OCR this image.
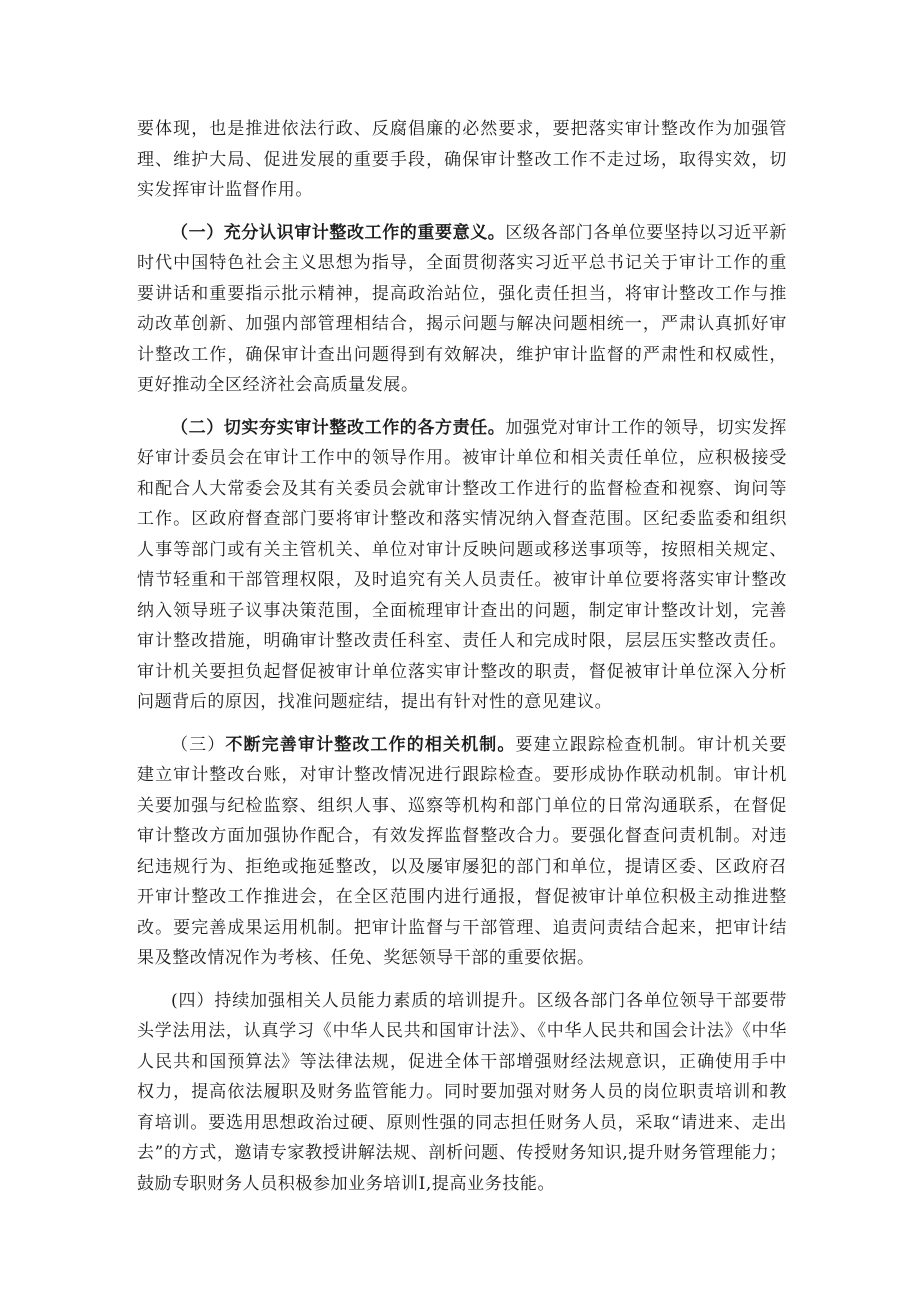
要体现，也是推进依法行政、反腐倡廉的必然要求，要把落实审计整改作为加强管理、维护大局、促进发展的重要手段，确保审计整改工作不走过场，取得实效，切实发挥审计监督作用。

（一）充分认识审计整改工作的重要意义。区级各部门各单位要坚持以习近平新时代中国特色社会主义思想为指导，全面贯彻落实习近平总书记关于审计工作的重要讲话和重要指示批示精神，提高政治站位，强化责任担当，将审计整改工作与推动改革创新、加强内部管理相结合，揭示问题与解决问题相统一，严肃认真抓好审计整改工作，确保审计查出问题得到有效解决，维护审计监督的严肃性和权威性，更好推动全区经济社会高质量发展。

（二）切实夯实审计整改工作的各方责任。加强党对审计工作的领导，切实发挥好审计委员会在审计工作中的领导作用。被审计单位和相关责任单位，应积极接受和配合人大常委会及其有关委员会就审计整改工作进行的监督检查和视察、询问等工作。区政府督查部门要将审计整改和落实情况纳入督查范围。区纪委监委和组织人事等部门或有关主管机关、单位对审计反映问题或移送事项等，按照相关规定、情节轻重和干部管理权限，及时追究有关人员责任。被审计单位要将落实审计整改纳入领导班子议事决策范围，全面梳理审计查出的问题，制定审计整改计划，完善审计整改措施，明确审计整改责任科室、责任人和完成时限，层层压实整改责任。审计机关要担负起督促被审计单位落实审计整改的职责，督促被审计单位深入分析问题背后的原因，找准问题症结，提出有针对性的意见建议。

（三）不断完善审计整改工作的相关机制。要建立跟踪检查机制。审计机关要建立审计整改台账，对审计整改情况进行跟踪检查。要形成协作联动机制。审计机关要加强与纪检监察、组织人事、巡察等机构和部门单位的日常沟通联系，在督促审计整改方面加强协作配合，有效发挥监督整改合力。要强化督查问责机制。对违纪违规行为、拒绝或拖延整改，以及屡审屡犯的部门和单位，提请区委、区政府召开审计整改工作推进会，在全区范围内进行通报，督促被审计单位积极主动推进整改。要完善成果运用机制。把审计监督与干部管理、追责问责结合起来，把审计结果及整改情况作为考核、任免、奖惩领导干部的重要依据。

(四）持续加强相关人员能力素质的培训提升。区级各部门各单位领导干部要带头学法用法，认真学习《中华人民共和国审计法》、《中华人民共和国会计法》《中华人民共和国预算法》等法律法规，促进全体干部增强财经法规意识，正确使用手中权力，提高依法履职及财务监管能力。同时要加强对财务人员的岗位职责培训和教育培训。要选用思想政治过硬、原则性强的同志担任财务人员，采取“请进来、走出去”的方式，邀请专家教授讲解法规、剖析问题、传授财务知识,提升财务管理能力；鼓励专职财务人员积极参加业务培训I,提高业务技能。
